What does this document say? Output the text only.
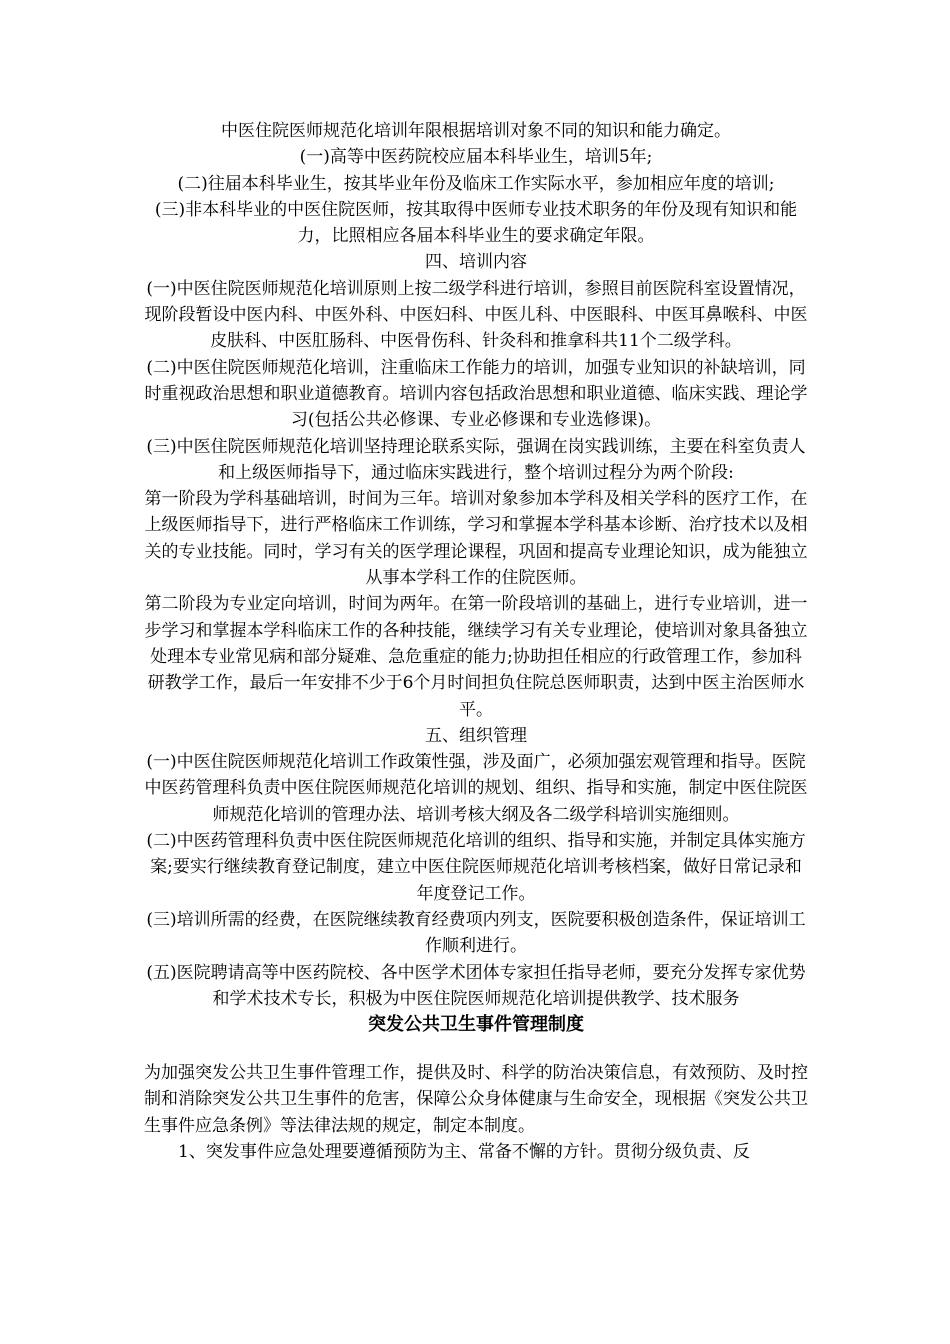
中医住院医师规范化培训年限根据培训对象不同的知识和能力确定。

(一)高等中医药院校应届本科毕业生，培训5年;

(二)往届本科毕业生，按其毕业年份及临床工作实际水平，参加相应年度的培训;

(三)非本科毕业的中医住院医师，按其取得中医师专业技术职务的年份及现有知识和能力，比照相应各届本科毕业生的要求确定年限。

四、培训内容

(一)中医住院医师规范化培训原则上按二级学科进行培训，参照目前医院科室设置情况，现阶段暂设中医内科、中医外科、中医妇科、中医儿科、中医眼科、中医耳鼻喉科、中医皮肤科、中医肛肠科、中医骨伤科、针灸科和推拿科共11个二级学科。

(二)中医住院医师规范化培训，注重临床工作能力的培训，加强专业知识的补缺培训，同时重视政治思想和职业道德教育。培训内容包括政治思想和职业道德、临床实践、理论学习(包括公共必修课、专业必修课和专业选修课)。

(三)中医住院医师规范化培训坚持理论联系实际，强调在岗实践训练，主要在科室负责人和上级医师指导下，通过临床实践进行，整个培训过程分为两个阶段:

第一阶段为学科基础培训，时间为三年。培训对象参加本学科及相关学科的医疗工作，在上级医师指导下，进行严格临床工作训练，学习和掌握本学科基本诊断、治疗技术以及相关的专业技能。同时，学习有关的医学理论课程，巩固和提高专业理论知识，成为能独立从事本学科工作的住院医师。

第二阶段为专业定向培训，时间为两年。在第一阶段培训的基础上，进行专业培训，进一步学习和掌握本学科临床工作的各种技能，继续学习有关专业理论，使培训对象具备独立处理本专业常见病和部分疑难、急危重症的能力;协助担任相应的行政管理工作，参加科研教学工作，最后一年安排不少于6个月时间担负住院总医师职责，达到中医主治医师水平。

五、组织管理

(一)中医住院医师规范化培训工作政策性强，涉及面广，必须加强宏观管理和指导。医院中医药管理科负责中医住院医师规范化培训的规划、组织、指导和实施，制定中医住院医师规范化培训的管理办法、培训考核大纲及各二级学科培训实施细则。

(二)中医药管理科负责中医住院医师规范化培训的组织、指导和实施，并制定具体实施方案;要实行继续教育登记制度，建立中医住院医师规范化培训考核档案，做好日常记录和年度登记工作。

(三)培训所需的经费，在医院继续教育经费项内列支，医院要积极创造条件，保证培训工作顺利进行。

(五)医院聘请高等中医药院校、各中医学术团体专家担任指导老师，要充分发挥专家优势和学术技术专长，积极为中医住院医师规范化培训提供教学、技术服务

突发公共卫生事件管理制度

为加强突发公共卫生事件管理工作，提供及时、科学的防治决策信息，有效预防、及时控制和消除突发公共卫生事件的危害，保障公众身体健康与生命安全，现根据《突发公共卫生事件应急条例》等法律法规的规定，制定本制度。

1、突发事件应急处理要遵循预防为主、常备不懈的方针。贯彻分级负责、反
